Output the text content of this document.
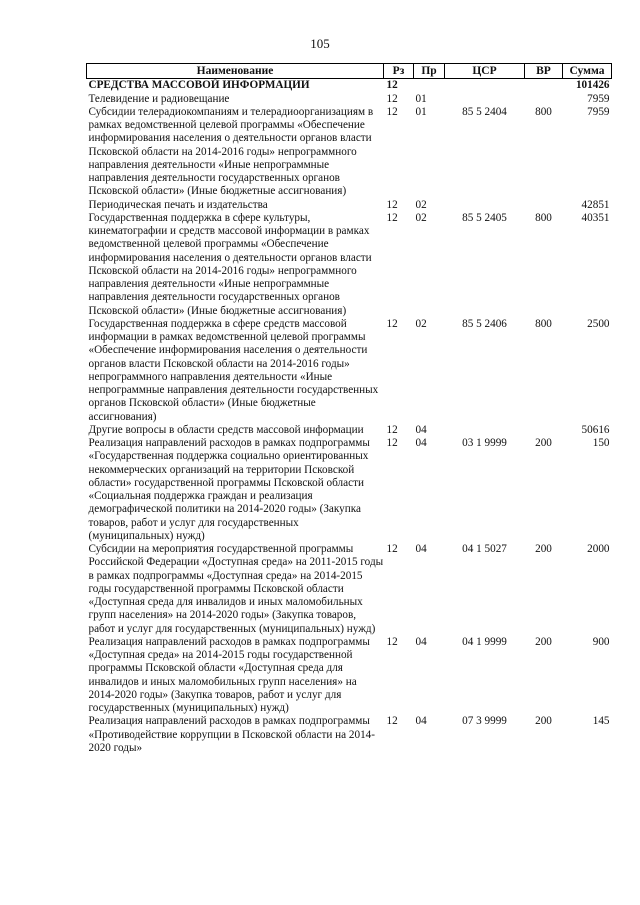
105
Наименование	Рз	Пр	ЦСР	ВР	Сумма
СРЕДСТВА МАССОВОЙ ИНФОРМАЦИИ	12				101426
Телевидение и радиовещание	12	01			7959
Субсидии телерадиокомпаниям и телерадиоорганизациям в рамках ведомственной целевой программы «Обеспечение информирования населения о деятельности органов власти Псковской области на 2014-2016 годы» непрограммного направления деятельности «Иные непрограммные направления деятельности государственных органов Псковской области» (Иные бюджетные ассигнования)	12	01	85 5 2404	800	7959
Периодическая печать и издательства	12	02			42851
Государственная поддержка в сфере культуры, кинематографии и средств массовой информации в рамках ведомственной целевой программы «Обеспечение информирования населения о деятельности органов власти Псковской области на 2014-2016 годы» непрограммного направления деятельности «Иные непрограммные направления деятельности государственных органов Псковской области» (Иные бюджетные ассигнования)	12	02	85 5 2405	800	40351
Государственная поддержка в сфере средств массовой информации в рамках ведомственной целевой программы «Обеспечение информирования населения о деятельности органов власти Псковской области на 2014-2016 годы» непрограммного направления деятельности «Иные непрограммные направления деятельности государственных органов Псковской области» (Иные бюджетные ассигнования)	12	02	85 5 2406	800	2500
Другие вопросы в области средств массовой информации	12	04			50616
Реализация направлений расходов в рамках подпрограммы «Государственная поддержка социально ориентированных некоммерческих организаций на территории Псковской области» государственной программы Псковской области «Социальная поддержка граждан и реализация демографической политики на 2014-2020 годы» (Закупка товаров, работ и услуг для государственных (муниципальных) нужд)	12	04	03 1 9999	200	150
Субсидии на мероприятия государственной программы Российской Федерации «Доступная среда» на 2011-2015 годы в рамках подпрограммы «Доступная среда» на 2014-2015 годы государственной программы Псковской области «Доступная среда для инвалидов и иных маломобильных групп населения» на 2014-2020 годы» (Закупка товаров, работ и услуг для государственных (муниципальных) нужд)	12	04	04 1 5027	200	2000
Реализация направлений расходов в рамках подпрограммы «Доступная среда» на 2014-2015 годы государственной программы Псковской области «Доступная среда для инвалидов и иных маломобильных групп населения» на 2014-2020 годы» (Закупка товаров, работ и услуг для государственных (муниципальных) нужд)	12	04	04 1 9999	200	900
Реализация направлений расходов в рамках подпрограммы «Противодействие коррупции в Псковской области на 2014-2020 годы»	12	04	07 3 9999	200	145
